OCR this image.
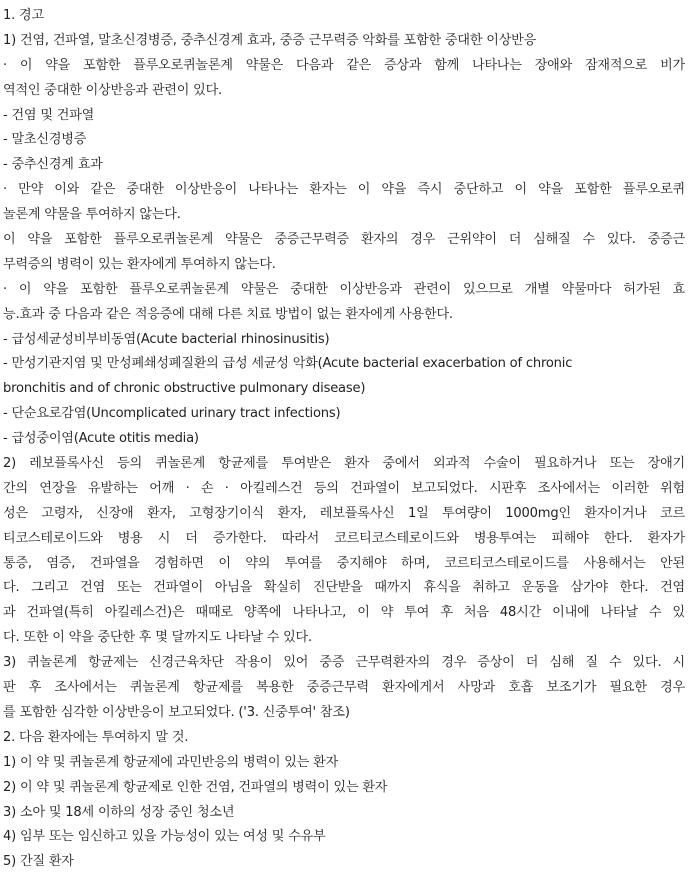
1. 경고
1) 건염, 건파열, 말초신경병증, 중추신경계 효과, 중증 근무력증 악화를 포함한 중대한 이상반응
· 이 약을 포함한 플루오로퀴놀론계 약물은 다음과 같은 증상과 함께 나타나는 장애와 잠재적으로 비가
역적인 중대한 이상반응과 관련이 있다.
- 건염 및 건파열
- 말초신경병증
- 중추신경계 효과
· 만약 이와 같은 중대한 이상반응이 나타나는 환자는 이 약을 즉시 중단하고 이 약을 포함한 플루오로퀴
놀론계 약물을 투여하지 않는다.
이 약을 포함한 플루오로퀴놀론계 약물은 중증근무력증 환자의 경우 근위약이 더 심해질 수 있다. 중증근
무력증의 병력이 있는 환자에게 투여하지 않는다.
· 이 약을 포함한 플루오로퀴놀론계 약물은 중대한 이상반응과 관련이 있으므로 개별 약물마다 허가된 효
능.효과 중 다음과 같은 적응증에 대해 다른 치료 방법이 없는 환자에게 사용한다.
- 급성세균성비부비동염(Acute bacterial rhinosinusitis)
- 만성기관지염 및 만성폐쇄성폐질환의 급성 세균성 악화(Acute bacterial exacerbation of chronic
bronchitis and of chronic obstructive pulmonary disease)
- 단순요로감염(Uncomplicated urinary tract infections)
- 급성중이염(Acute otitis media)
2) 레보플록사신 등의 퀴놀론계 항균제를 투여받은 환자 중에서 외과적 수술이 필요하거나 또는 장애기
간의 연장을 유발하는 어깨 · 손 · 아킬레스건 등의 건파열이 보고되었다. 시판후 조사에서는 이러한 위험
성은 고령자, 신장애 환자, 고형장기이식 환자, 레보플록사신 1일 투여량이 1000mg인 환자이거나 코르
티코스테로이드와 병용 시 더 증가한다. 따라서 코르티코스테로이드와 병용투여는 피해야 한다. 환자가
통증, 염증, 건파열을 경험하면 이 약의 투여를 중지해야 하며, 코르티코스테로이드를 사용해서는 안된
다. 그리고 건염 또는 건파열이 아님을 확실히 진단받을 때까지 휴식을 취하고 운동을 삼가야 한다. 건염
과 건파열(특히 아킬레스건)은 때때로 양쪽에 나타나고, 이 약 투여 후 처음 48시간 이내에 나타날 수 있
다. 또한 이 약을 중단한 후 몇 달까지도 나타날 수 있다.
3) 퀴놀론계 항균제는 신경근육차단 작용이 있어 중증 근무력환자의 경우 증상이 더 심해 질 수 있다. 시
판 후 조사에서는 퀴놀론계 항균제를 복용한 중증근무력 환자에게서 사망과 호흡 보조기가 필요한 경우
를 포함한 심각한 이상반응이 보고되었다. ('3. 신중투여' 참조)
2. 다음 환자에는 투여하지 말 것.
1) 이 약 및 퀴놀론계 항균제에 과민반응의 병력이 있는 환자
2) 이 약 및 퀴놀론계 항균제로 인한 건염, 건파열의 병력이 있는 환자
3) 소아 및 18세 이하의 성장 중인 청소년
4) 임부 또는 임신하고 있을 가능성이 있는 여성 및 수유부
5) 간질 환자
